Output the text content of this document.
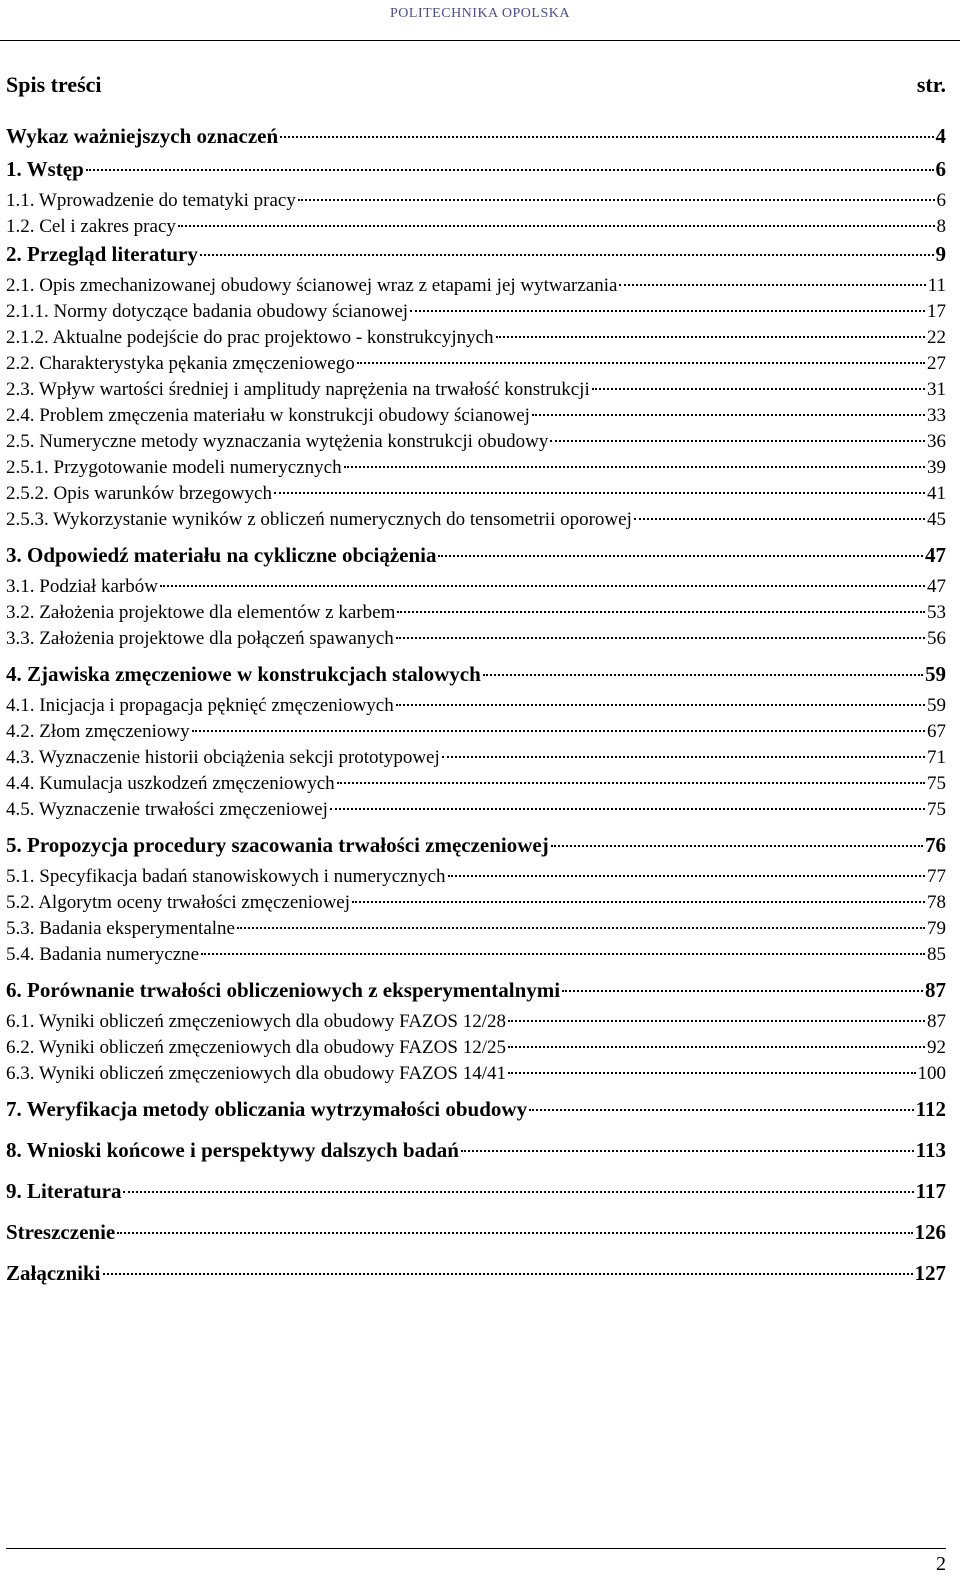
POLITECHNIKA OPOLSKA
Spis treści	str.
Wykaz ważniejszych oznaczeń	4
1. Wstęp	6
1.1. Wprowadzenie do tematyki pracy	6
1.2. Cel i zakres pracy	8
2. Przegląd literatury	9
2.1. Opis zmechanizowanej obudowy ścianowej wraz z etapami jej wytwarzania	11
2.1.1. Normy dotyczące badania obudowy ścianowej	17
2.1.2. Aktualne podejście do prac projektowo - konstrukcyjnych	22
2.2. Charakterystyka pękania zmęczeniowego	27
2.3. Wpływ wartości średniej i amplitudy naprężenia na trwałość konstrukcji	31
2.4. Problem zmęczenia materiału w konstrukcji obudowy ścianowej	33
2.5. Numeryczne metody wyznaczania wytężenia konstrukcji obudowy	36
2.5.1. Przygotowanie modeli numerycznych	39
2.5.2. Opis warunków brzegowych	41
2.5.3. Wykorzystanie wyników z obliczeń numerycznych do tensometrii oporowej	45
3. Odpowiedź materiału na cykliczne obciążenia	47
3.1. Podział karbów	47
3.2. Założenia projektowe dla elementów z karbem	53
3.3. Założenia projektowe dla połączeń spawanych	56
4. Zjawiska zmęczeniowe w konstrukcjach stalowych	59
4.1. Inicjacja i propagacja pęknięć zmęczeniowych	59
4.2. Złom zmęczeniowy	67
4.3. Wyznaczenie historii obciążenia sekcji prototypowej	71
4.4. Kumulacja uszkodzeń zmęczeniowych	75
4.5. Wyznaczenie trwałości zmęczeniowej	75
5. Propozycja procedury szacowania trwałości zmęczeniowej	76
5.1. Specyfikacja badań stanowiskowych i numerycznych	77
5.2. Algorytm oceny trwałości zmęczeniowej	78
5.3. Badania eksperymentalne	79
5.4. Badania numeryczne	85
6. Porównanie trwałości obliczeniowych z eksperymentalnymi	87
6.1. Wyniki obliczeń zmęczeniowych dla obudowy FAZOS 12/28	87
6.2. Wyniki obliczeń zmęczeniowych dla obudowy FAZOS 12/25	92
6.3. Wyniki obliczeń zmęczeniowych dla obudowy FAZOS 14/41	100
7. Weryfikacja metody obliczania wytrzymałości obudowy	112
8. Wnioski końcowe i perspektywy dalszych badań	113
9. Literatura	117
Streszczenie	126
Załączniki	127
2
